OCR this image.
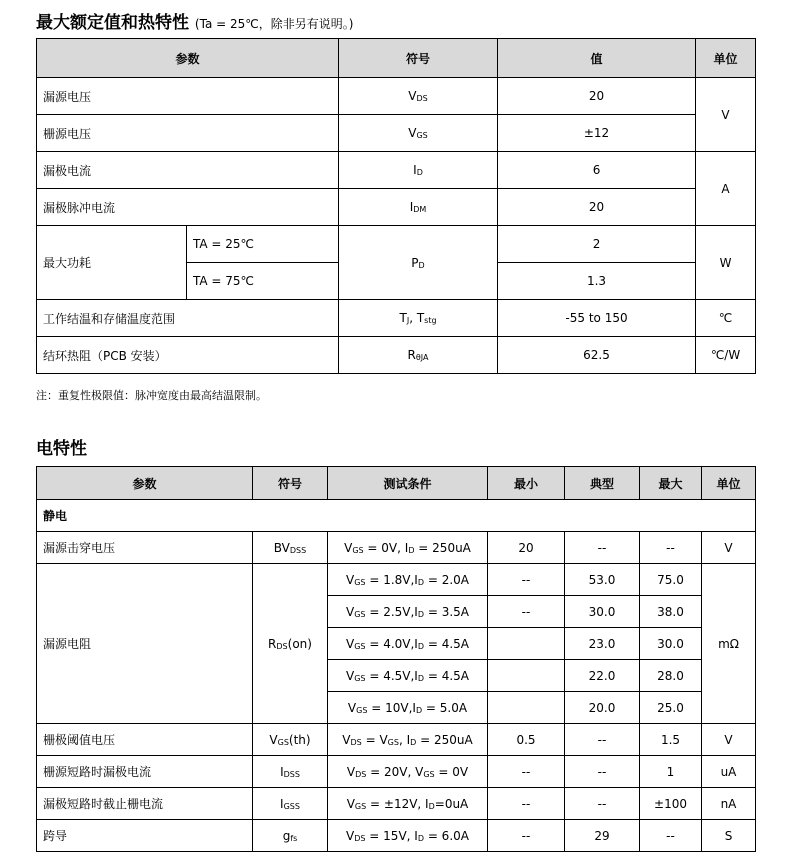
最大额定值和热特性 (Ta = 25℃，除非另有说明。)
参数		符号	值	单位
漏源电压		$V_{DS}$	20	V
栅源电压		$V_{GS}$	±12	
漏极电流		$I_D$	6	A
漏极脉冲电流		$I_{DM}$	20	
最大功耗	TA = 25℃	$P_D$	2	W
	TA = 75℃		1.3	
工作结温和存储温度范围		$T_J$, $T_{stg}$	-55 to 150	℃
结环热阻（PCB 安装）		$R_{\theta JA}$	62.5	℃/W
注：重复性极限值：脉冲宽度由最高结温限制。
电特性
参数	符号	测试条件	最小	典型	最大	单位
静电						
漏源击穿电压	$BV_{DSS}$	$V_{GS} = 0V$, $I_D = 250uA$	20	--	--	V
漏源电阻	$R_{DS}(on)$	$V_{GS} = 1.8V,I_D = 2.0A$	--	53.0	75.0	mΩ
		$V_{GS} = 2.5V,I_D = 3.5A$	--	30.0	38.0	
		$V_{GS} = 4.0V,I_D = 4.5A$		23.0	30.0	
		$V_{GS} = 4.5V,I_D = 4.5A$		22.0	28.0	
		$V_{GS} = 10V,I_D = 5.0A$		20.0	25.0	
栅极阈值电压	$V_{GS}(th)$	$V_{DS} = V_{GS}$, $I_D = 250uA$	0.5	--	1.5	V
栅源短路时漏极电流	$I_{DSS}$	$V_{DS} = 20V$, $V_{GS} = 0V$	--	--	1	uA
漏极短路时截止栅电流	$I_{GSS}$	$V_{GS} = \pm 12V$, $I_D=0uA$	--	--	±100	nA
跨导	$g_{fs}$	$V_{DS} = 15V$, $I_D = 6.0A$	--	29	--	S
